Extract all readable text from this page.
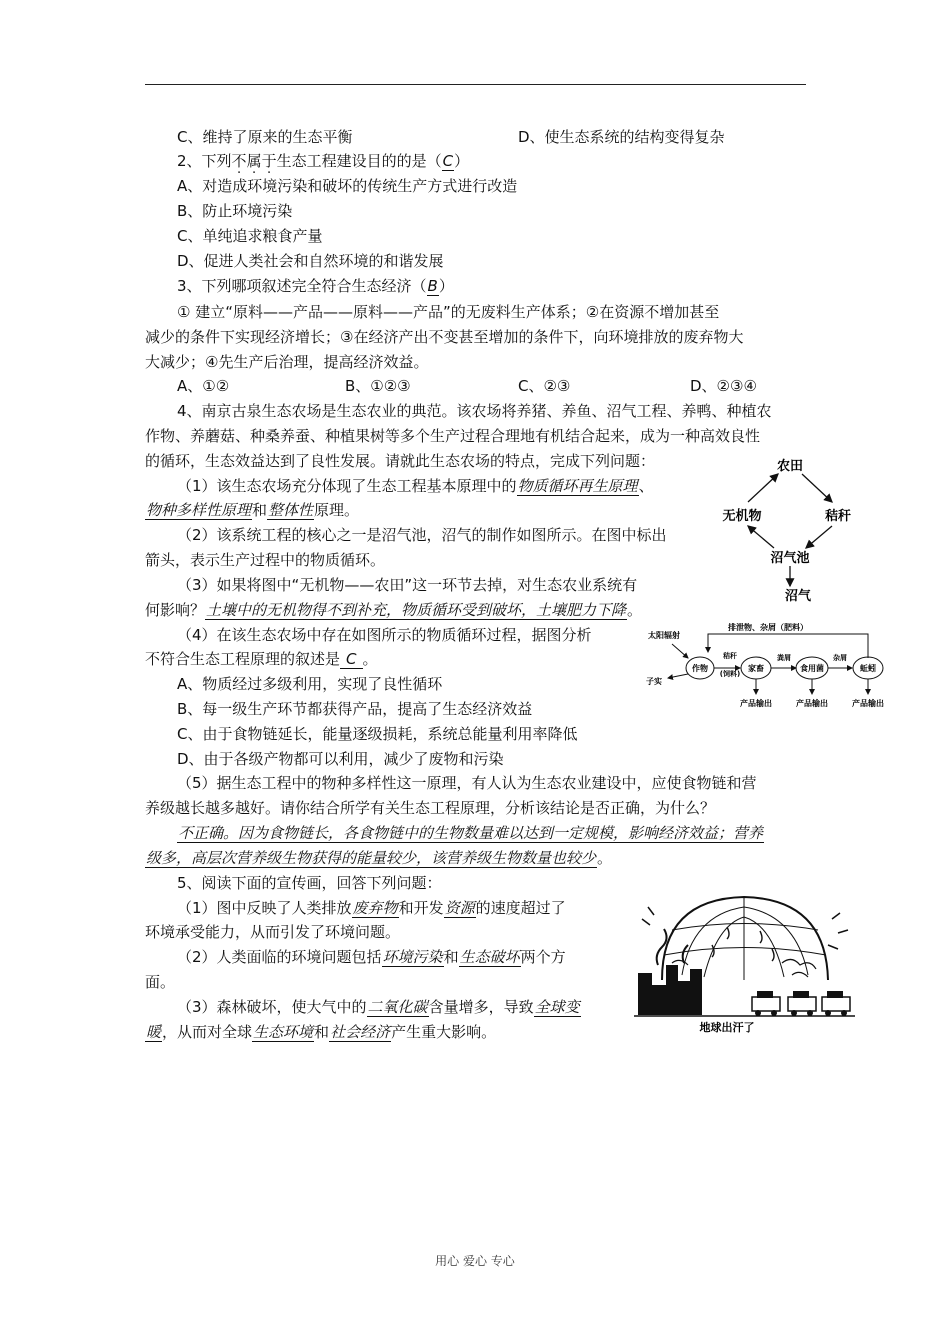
C、维持了原来的生态平衡	D、使生态系统的结构变得复杂
2、下列不属于生态工程建设目的的是（C）
A、对造成环境污染和破坏的传统生产方式进行改造
B、防止环境污染
C、单纯追求粮食产量
D、促进人类社会和自然环境的和谐发展
3、下列哪项叙述完全符合生态经济（B）
① 建立“原料——产品——原料——产品”的无废料生产体系；②在资源不增加甚至
减少的条件下实现经济增长；③在经济产出不变甚至增加的条件下，向环境排放的废弃物大
大减少；④先生产后治理，提高经济效益。
A、①②	B、①②③	C、②③	D、②③④
4、南京古泉生态农场是生态农业的典范。该农场将养猪、养鱼、沼气工程、养鸭、种植农
作物、养蘑菇、种桑养蚕、种植果树等多个生产过程合理地有机结合起来，成为一种高效良性
的循环，生态效益达到了良性发展。请就此生态农场的特点，完成下列问题：
（1）该生态农场充分体现了生态工程基本原理中的物质循环再生原理、
物种多样性原理和整体性原理。
（2）该系统工程的核心之一是沼气池，沼气的制作如图所示。在图中标出
箭头，表示生产过程中的物质循环。
（3）如果将图中“无机物——农田”这一环节去掉，对生态农业系统有
何影响？土壤中的无机物得不到补充，物质循环受到破坏，土壤肥力下降。
（4）在该生态农场中存在如图所示的物质循环过程，据图分析
不符合生态工程原理的叙述是 C 。
A、物质经过多级利用，实现了良性循环
B、每一级生产环节都获得产品，提高了生态经济效益
C、由于食物链延长，能量逐级损耗，系统总能量利用率降低
D、由于各级产物都可以利用，减少了废物和污染
（5）据生态工程中的物种多样性这一原理，有人认为生态农业建设中，应使食物链和营
养级越长越多越好。请你结合所学有关生态工程原理，分析该结论是否正确，为什么？
不正确。因为食物链长，各食物链中的生物数量难以达到一定规模，影响经济效益；营养
级多，高层次营养级生物获得的能量较少，该营养级生物数量也较少。
5、阅读下面的宣传画，回答下列问题：
（1）图中反映了人类排放废弃物和开发资源的速度超过了
环境承受能力，从而引发了环境问题。
（2）人类面临的环境问题包括环境污染和生态破坏两个方
面。
（3）森林破坏，使大气中的二氧化碳含量增多，导致全球变
暖，从而对全球生态环境和社会经济产生重大影响。
农田
无机物	秸秆
沼气池
沼气
太阳辐射
排泄物、杂屑（肥料）
作物
秸秆
(饲料)
家畜
粪屑
食用菌
杂屑
蚯蚓
子实
产品输出	产品输出	产品输出
地球出汗了
用心 爱心 专心
